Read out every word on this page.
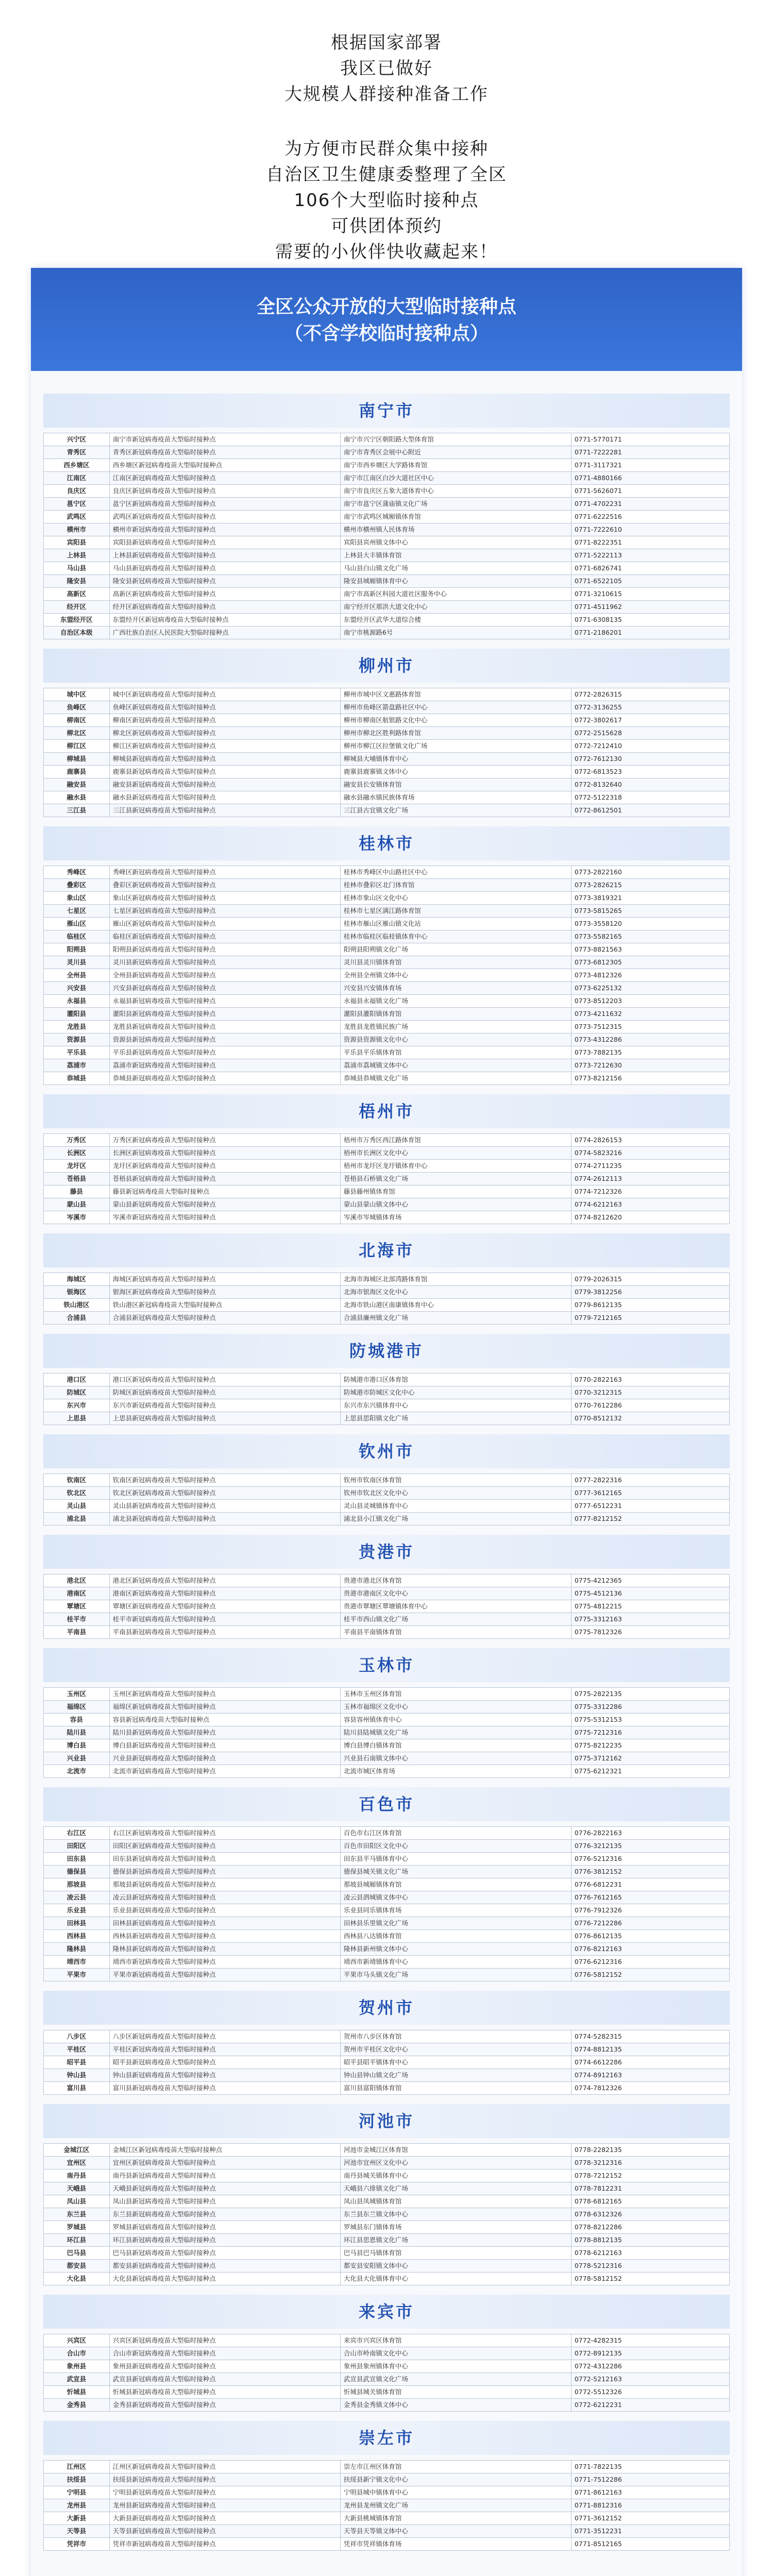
根据国家部署
我区已做好
大规模人群接种准备工作
为方便市民群众集中接种
自治区卫生健康委整理了全区
106个大型临时接种点
可供团体预约
需要的小伙伴快收藏起来！
全区公众开放的大型临时接种点
（不含学校临时接种点）
南宁市
兴宁区	南宁市新冠病毒疫苗大型临时接种点	南宁市兴宁区朝阳路大型体育馆	0771-5770171
青秀区	青秀区新冠病毒疫苗大型临时接种点	南宁市青秀区会展中心附近	0771-7222281
西乡塘区	西乡塘区新冠病毒疫苗大型临时接种点	南宁市西乡塘区大学路体育馆	0771-3117321
江南区	江南区新冠病毒疫苗大型临时接种点	南宁市江南区白沙大道社区中心	0771-4880166
良庆区	良庆区新冠病毒疫苗大型临时接种点	南宁市良庆区五象大道体育中心	0771-5626071
邕宁区	邕宁区新冠病毒疫苗大型临时接种点	南宁市邕宁区蒲庙镇文化广场	0771-4702231
武鸣区	武鸣区新冠病毒疫苗大型临时接种点	南宁市武鸣区城厢镇体育馆	0771-6222516
横州市	横州市新冠病毒疫苗大型临时接种点	横州市横州镇人民体育场	0771-7222610
宾阳县	宾阳县新冠病毒疫苗大型临时接种点	宾阳县宾州镇文体中心	0771-8222351
上林县	上林县新冠病毒疫苗大型临时接种点	上林县大丰镇体育馆	0771-5222113
马山县	马山县新冠病毒疫苗大型临时接种点	马山县白山镇文化广场	0771-6826741
隆安县	隆安县新冠病毒疫苗大型临时接种点	隆安县城厢镇体育中心	0771-6522105
高新区	高新区新冠病毒疫苗大型临时接种点	南宁市高新区科园大道社区服务中心	0771-3210615
经开区	经开区新冠病毒疫苗大型临时接种点	南宁经开区那洪大道文化中心	0771-4511962
东盟经开区	东盟经开区新冠病毒疫苗大型临时接种点	东盟经开区武华大道综合楼	0771-6308135
自治区本级	广西壮族自治区人民医院大型临时接种点	南宁市桃源路6号	0771-2186201
柳州市
城中区	城中区新冠病毒疫苗大型临时接种点	柳州市城中区文惠路体育馆	0772-2826315
鱼峰区	鱼峰区新冠病毒疫苗大型临时接种点	柳州市鱼峰区箭盘路社区中心	0772-3136255
柳南区	柳南区新冠病毒疫苗大型临时接种点	柳州市柳南区航银路文化中心	0772-3802617
柳北区	柳北区新冠病毒疫苗大型临时接种点	柳州市柳北区胜利路体育馆	0772-2515628
柳江区	柳江区新冠病毒疫苗大型临时接种点	柳州市柳江区拉堡镇文化广场	0772-7212410
柳城县	柳城县新冠病毒疫苗大型临时接种点	柳城县大埔镇体育中心	0772-7612130
鹿寨县	鹿寨县新冠病毒疫苗大型临时接种点	鹿寨县鹿寨镇文体中心	0772-6813523
融安县	融安县新冠病毒疫苗大型临时接种点	融安县长安镇体育馆	0772-8132640
融水县	融水县新冠病毒疫苗大型临时接种点	融水县融水镇民族体育场	0772-5122318
三江县	三江县新冠病毒疫苗大型临时接种点	三江县古宜镇文化广场	0772-8612501
桂林市
秀峰区	秀峰区新冠病毒疫苗大型临时接种点	桂林市秀峰区中山路社区中心	0773-2822160
叠彩区	叠彩区新冠病毒疫苗大型临时接种点	桂林市叠彩区北门体育馆	0773-2826215
象山区	象山区新冠病毒疫苗大型临时接种点	桂林市象山区文化中心	0773-3819321
七星区	七星区新冠病毒疫苗大型临时接种点	桂林市七星区漓江路体育馆	0773-5815265
雁山区	雁山区新冠病毒疫苗大型临时接种点	桂林市雁山区雁山镇文化站	0773-3558120
临桂区	临桂区新冠病毒疫苗大型临时接种点	桂林市临桂区临桂镇体育中心	0773-5582165
阳朔县	阳朔县新冠病毒疫苗大型临时接种点	阳朔县阳朔镇文化广场	0773-8821563
灵川县	灵川县新冠病毒疫苗大型临时接种点	灵川县灵川镇体育馆	0773-6812305
全州县	全州县新冠病毒疫苗大型临时接种点	全州县全州镇文体中心	0773-4812326
兴安县	兴安县新冠病毒疫苗大型临时接种点	兴安县兴安镇体育场	0773-6225132
永福县	永福县新冠病毒疫苗大型临时接种点	永福县永福镇文化广场	0773-8512203
灌阳县	灌阳县新冠病毒疫苗大型临时接种点	灌阳县灌阳镇体育馆	0773-4211632
龙胜县	龙胜县新冠病毒疫苗大型临时接种点	龙胜县龙胜镇民族广场	0773-7512315
资源县	资源县新冠病毒疫苗大型临时接种点	资源县资源镇文化中心	0773-4312286
平乐县	平乐县新冠病毒疫苗大型临时接种点	平乐县平乐镇体育馆	0773-7882135
荔浦市	荔浦市新冠病毒疫苗大型临时接种点	荔浦市荔城镇文体中心	0773-7212630
恭城县	恭城县新冠病毒疫苗大型临时接种点	恭城县恭城镇文化广场	0773-8212156
梧州市
万秀区	万秀区新冠病毒疫苗大型临时接种点	梧州市万秀区西江路体育馆	0774-2826153
长洲区	长洲区新冠病毒疫苗大型临时接种点	梧州市长洲区文化中心	0774-5823216
龙圩区	龙圩区新冠病毒疫苗大型临时接种点	梧州市龙圩区龙圩镇体育中心	0774-2711235
苍梧县	苍梧县新冠病毒疫苗大型临时接种点	苍梧县石桥镇文化广场	0774-2612113
藤县	藤县新冠病毒疫苗大型临时接种点	藤县藤州镇体育馆	0774-7212326
蒙山县	蒙山县新冠病毒疫苗大型临时接种点	蒙山县蒙山镇文体中心	0774-6212163
岑溪市	岑溪市新冠病毒疫苗大型临时接种点	岑溪市岑城镇体育场	0774-8212620
北海市
海城区	海城区新冠病毒疫苗大型临时接种点	北海市海城区北部湾路体育馆	0779-2026315
银海区	银海区新冠病毒疫苗大型临时接种点	北海市银海区文化中心	0779-3812256
铁山港区	铁山港区新冠病毒疫苗大型临时接种点	北海市铁山港区南康镇体育中心	0779-8612135
合浦县	合浦县新冠病毒疫苗大型临时接种点	合浦县廉州镇文化广场	0779-7212165
防城港市
港口区	港口区新冠病毒疫苗大型临时接种点	防城港市港口区体育馆	0770-2822163
防城区	防城区新冠病毒疫苗大型临时接种点	防城港市防城区文化中心	0770-3212315
东兴市	东兴市新冠病毒疫苗大型临时接种点	东兴市东兴镇体育中心	0770-7612286
上思县	上思县新冠病毒疫苗大型临时接种点	上思县思阳镇文化广场	0770-8512132
钦州市
钦南区	钦南区新冠病毒疫苗大型临时接种点	钦州市钦南区体育馆	0777-2822316
钦北区	钦北区新冠病毒疫苗大型临时接种点	钦州市钦北区文化中心	0777-3612165
灵山县	灵山县新冠病毒疫苗大型临时接种点	灵山县灵城镇体育中心	0777-6512231
浦北县	浦北县新冠病毒疫苗大型临时接种点	浦北县小江镇文化广场	0777-8212152
贵港市
港北区	港北区新冠病毒疫苗大型临时接种点	贵港市港北区体育馆	0775-4212365
港南区	港南区新冠病毒疫苗大型临时接种点	贵港市港南区文化中心	0775-4512136
覃塘区	覃塘区新冠病毒疫苗大型临时接种点	贵港市覃塘区覃塘镇体育中心	0775-4812215
桂平市	桂平市新冠病毒疫苗大型临时接种点	桂平市西山镇文化广场	0775-3312163
平南县	平南县新冠病毒疫苗大型临时接种点	平南县平南镇体育馆	0775-7812326
玉林市
玉州区	玉州区新冠病毒疫苗大型临时接种点	玉林市玉州区体育馆	0775-2822135
福绵区	福绵区新冠病毒疫苗大型临时接种点	玉林市福绵区文化中心	0775-3312286
容县	容县新冠病毒疫苗大型临时接种点	容县容州镇体育中心	0775-5312153
陆川县	陆川县新冠病毒疫苗大型临时接种点	陆川县陆城镇文化广场	0775-7212316
博白县	博白县新冠病毒疫苗大型临时接种点	博白县博白镇体育馆	0775-8212235
兴业县	兴业县新冠病毒疫苗大型临时接种点	兴业县石南镇文体中心	0775-3712162
北流市	北流市新冠病毒疫苗大型临时接种点	北流市城区体育场	0775-6212321
百色市
右江区	右江区新冠病毒疫苗大型临时接种点	百色市右江区体育馆	0776-2822163
田阳区	田阳区新冠病毒疫苗大型临时接种点	百色市田阳区文化中心	0776-3212135
田东县	田东县新冠病毒疫苗大型临时接种点	田东县平马镇体育中心	0776-5212316
德保县	德保县新冠病毒疫苗大型临时接种点	德保县城关镇文化广场	0776-3812152
那坡县	那坡县新冠病毒疫苗大型临时接种点	那坡县城厢镇体育馆	0776-6812231
凌云县	凌云县新冠病毒疫苗大型临时接种点	凌云县泗城镇文体中心	0776-7612165
乐业县	乐业县新冠病毒疫苗大型临时接种点	乐业县同乐镇体育场	0776-7912326
田林县	田林县新冠病毒疫苗大型临时接种点	田林县乐里镇文化广场	0776-7212286
西林县	西林县新冠病毒疫苗大型临时接种点	西林县八达镇体育馆	0776-8612135
隆林县	隆林县新冠病毒疫苗大型临时接种点	隆林县新州镇文体中心	0776-8212163
靖西市	靖西市新冠病毒疫苗大型临时接种点	靖西市新靖镇体育中心	0776-6212316
平果市	平果市新冠病毒疫苗大型临时接种点	平果市马头镇文化广场	0776-5812152
贺州市
八步区	八步区新冠病毒疫苗大型临时接种点	贺州市八步区体育馆	0774-5282315
平桂区	平桂区新冠病毒疫苗大型临时接种点	贺州市平桂区文化中心	0774-8812135
昭平县	昭平县新冠病毒疫苗大型临时接种点	昭平县昭平镇体育中心	0774-6612286
钟山县	钟山县新冠病毒疫苗大型临时接种点	钟山县钟山镇文化广场	0774-8912163
富川县	富川县新冠病毒疫苗大型临时接种点	富川县富阳镇体育馆	0774-7812326
河池市
金城江区	金城江区新冠病毒疫苗大型临时接种点	河池市金城江区体育馆	0778-2282135
宜州区	宜州区新冠病毒疫苗大型临时接种点	河池市宜州区文化中心	0778-3212316
南丹县	南丹县新冠病毒疫苗大型临时接种点	南丹县城关镇体育中心	0778-7212152
天峨县	天峨县新冠病毒疫苗大型临时接种点	天峨县六排镇文化广场	0778-7812231
凤山县	凤山县新冠病毒疫苗大型临时接种点	凤山县凤城镇体育馆	0778-6812165
东兰县	东兰县新冠病毒疫苗大型临时接种点	东兰县东兰镇文体中心	0778-6312326
罗城县	罗城县新冠病毒疫苗大型临时接种点	罗城县东门镇体育场	0778-8212286
环江县	环江县新冠病毒疫苗大型临时接种点	环江县思恩镇文化广场	0778-8812135
巴马县	巴马县新冠病毒疫苗大型临时接种点	巴马县巴马镇体育馆	0778-6212163
都安县	都安县新冠病毒疫苗大型临时接种点	都安县安阳镇文体中心	0778-5212316
大化县	大化县新冠病毒疫苗大型临时接种点	大化县大化镇体育中心	0778-5812152
来宾市
兴宾区	兴宾区新冠病毒疫苗大型临时接种点	来宾市兴宾区体育馆	0772-4282315
合山市	合山市新冠病毒疫苗大型临时接种点	合山市岭南镇文化中心	0772-8912135
象州县	象州县新冠病毒疫苗大型临时接种点	象州县象州镇体育中心	0772-4312286
武宣县	武宣县新冠病毒疫苗大型临时接种点	武宣县武宣镇文化广场	0772-5212163
忻城县	忻城县新冠病毒疫苗大型临时接种点	忻城县城关镇体育馆	0772-5512326
金秀县	金秀县新冠病毒疫苗大型临时接种点	金秀县金秀镇文体中心	0772-6212231
崇左市
江州区	江州区新冠病毒疫苗大型临时接种点	崇左市江州区体育馆	0771-7822135
扶绥县	扶绥县新冠病毒疫苗大型临时接种点	扶绥县新宁镇文化中心	0771-7512286
宁明县	宁明县新冠病毒疫苗大型临时接种点	宁明县城中镇体育中心	0771-8612163
龙州县	龙州县新冠病毒疫苗大型临时接种点	龙州县龙州镇文化广场	0771-8812316
大新县	大新县新冠病毒疫苗大型临时接种点	大新县桃城镇体育馆	0771-3612152
天等县	天等县新冠病毒疫苗大型临时接种点	天等县天等镇文体中心	0771-3512231
凭祥市	凭祥市新冠病毒疫苗大型临时接种点	凭祥市凭祥镇体育场	0771-8512165
